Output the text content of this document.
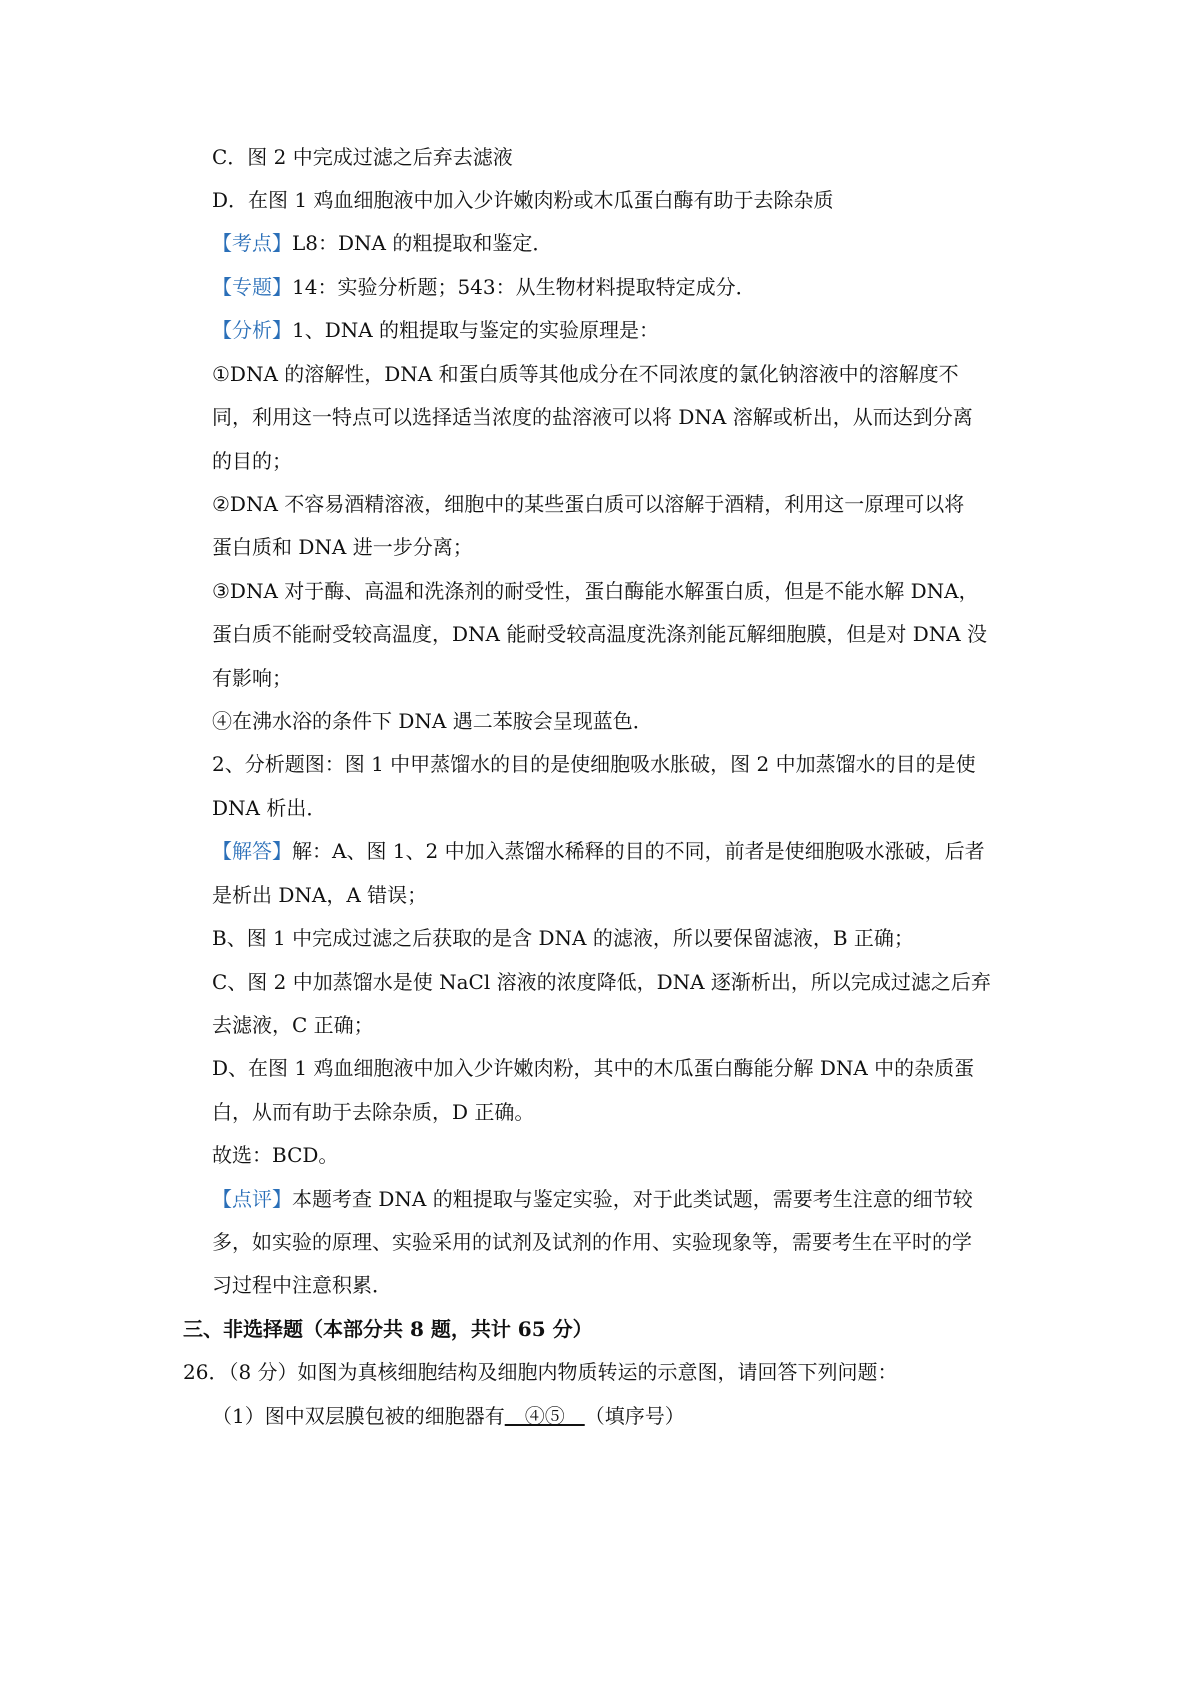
C．图 2 中完成过滤之后弃去滤液

D．在图 1 鸡血细胞液中加入少许嫩肉粉或木瓜蛋白酶有助于去除杂质

【考点】L8：DNA 的粗提取和鉴定．

【专题】14：实验分析题；543：从生物材料提取特定成分．

【分析】1、DNA 的粗提取与鉴定的实验原理是：

①DNA 的溶解性，DNA 和蛋白质等其他成分在不同浓度的氯化钠溶液中的溶解度不

同，利用这一特点可以选择适当浓度的盐溶液可以将 DNA 溶解或析出，从而达到分离

的目的；

②DNA 不容易酒精溶液，细胞中的某些蛋白质可以溶解于酒精，利用这一原理可以将

蛋白质和 DNA 进一步分离；

③DNA 对于酶、高温和洗涤剂的耐受性，蛋白酶能水解蛋白质，但是不能水解 DNA，

蛋白质不能耐受较高温度，DNA 能耐受较高温度洗涤剂能瓦解细胞膜，但是对 DNA 没

有影响；

④在沸水浴的条件下 DNA 遇二苯胺会呈现蓝色．

2、分析题图：图 1 中甲蒸馏水的目的是使细胞吸水胀破，图 2 中加蒸馏水的目的是使

DNA 析出．

【解答】解：A、图 1、2 中加入蒸馏水稀释的目的不同，前者是使细胞吸水涨破，后者

是析出 DNA，A 错误；

B、图 1 中完成过滤之后获取的是含 DNA 的滤液，所以要保留滤液，B 正确；

C、图 2 中加蒸馏水是使 NaCl 溶液的浓度降低，DNA 逐渐析出，所以完成过滤之后弃

去滤液，C 正确；

D、在图 1 鸡血细胞液中加入少许嫩肉粉，其中的木瓜蛋白酶能分解 DNA 中的杂质蛋

白，从而有助于去除杂质，D 正确。

故选：BCD。

【点评】本题考查 DNA 的粗提取与鉴定实验，对于此类试题，需要考生注意的细节较

多，如实验的原理、实验采用的试剂及试剂的作用、实验现象等，需要考生在平时的学

习过程中注意积累．

三、非选择题（本部分共 8 题，共计 65 分）

26．（8 分）如图为真核细胞结构及细胞内物质转运的示意图，请回答下列问题：

（1）图中双层膜包被的细胞器有　④⑤　（填序号）
